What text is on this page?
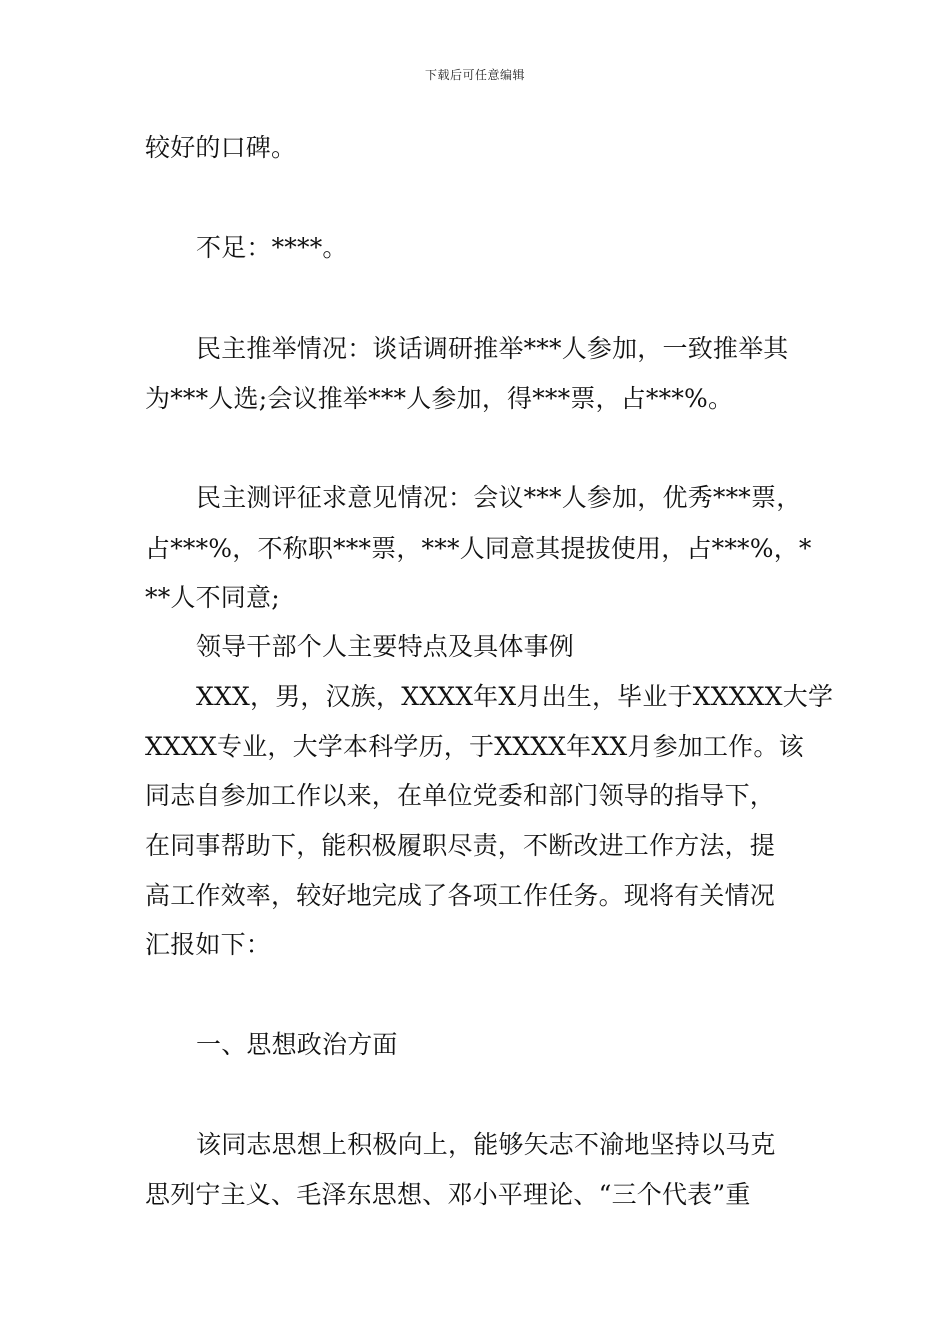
下载后可任意编辑
较好的口碑。
不足：****。
民主推举情况：谈话调研推举***人参加，一致推举其
为***人选;会议推举***人参加，得***票，占***%。
民主测评征求意见情况：会议***人参加，优秀***票，
占***%，不称职***票，***人同意其提拔使用，占***%，*
**人不同意;
领导干部个人主要特点及具体事例
XXX，男，汉族，XXXX年X月出生，毕业于XXXXX大学
XXXX专业，大学本科学历，于XXXX年XX月参加工作。该
同志自参加工作以来，在单位党委和部门领导的指导下，
在同事帮助下，能积极履职尽责，不断改进工作方法，提
高工作效率，较好地完成了各项工作任务。现将有关情况
汇报如下：
一、思想政治方面
该同志思想上积极向上，能够矢志不渝地坚持以马克
思列宁主义、毛泽东思想、邓小平理论、“三个代表”重
